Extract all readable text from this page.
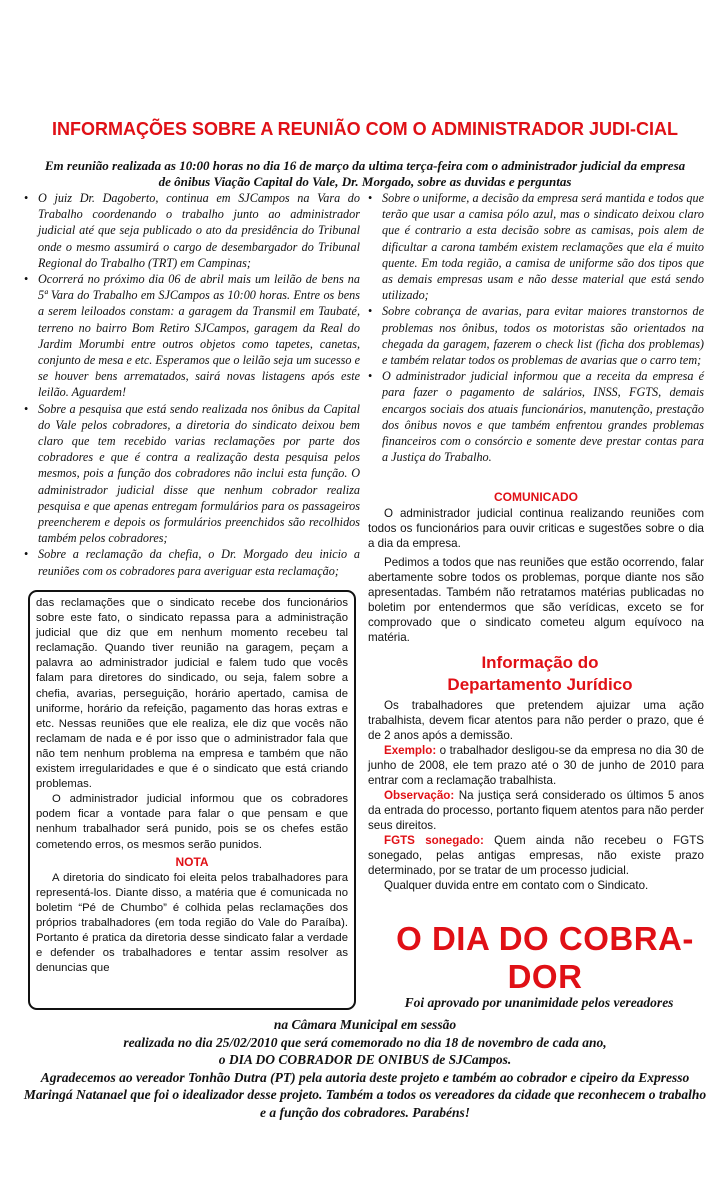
INFORMAÇÕES SOBRE A REUNIÃO COM O ADMINISTRADOR JUDI-CIAL
Em reunião realizada as 10:00 horas no dia 16 de março da ultima terça-feira com o administrador judicial da empresa de ônibus Viação Capital do Vale, Dr. Morgado, sobre as duvidas e perguntas
• O juiz Dr. Dagoberto, continua em SJCampos na Vara do Trabalho coordenando o trabalho junto ao administrador judicial até que seja publicado o ato da presidência do Tribunal onde o mesmo assumirá o cargo de desembargador do Tribunal Regional do Trabalho (TRT) em Campinas;
• Ocorrerá no próximo dia 06 de abril mais um leilão de bens na 5ª Vara do Trabalho em SJCampos as 10:00 horas. Entre os bens a serem leiloados constam: a garagem da Transmil em Taubaté, terreno no bairro Bom Retiro SJCampos, garagem da Real do Jardim Morumbi entre outros objetos como tapetes, canetas, conjunto de mesa e etc. Esperamos que o leilão seja um sucesso e se houver bens arrematados, sairá novas listagens após este leilão. Aguardem!
• Sobre a pesquisa que está sendo realizada nos ônibus da Capital do Vale pelos cobradores, a diretoria do sindicato deixou bem claro que tem recebido varias reclamações por parte dos cobradores e que é contra a realização desta pesquisa pelos mesmos, pois a função dos cobradores não inclui esta função. O administrador judicial disse que nenhum cobrador realiza pesquisa e que apenas entregam formulários para os passageiros preencherem e depois os formulários preenchidos são recolhidos também pelos cobradores;
• Sobre a reclamação da chefia, o Dr. Morgado deu inicio a reuniões com os cobradores para averiguar esta reclamação;
• Sobre o uniforme, a decisão da empresa será mantida e todos que terão que usar a camisa pólo azul, mas o sindicato deixou claro que é contrario a esta decisão sobre as camisas, pois alem de dificultar a carona também existem reclamações que ela é muito quente. Em toda região, a camisa de uniforme são dos tipos que as demais empresas usam e não desse material que está sendo utilizado;
• Sobre cobrança de avarias, para evitar maiores transtornos de problemas nos ônibus, todos os motoristas são orientados na chegada da garagem, fazerem o check list (ficha dos problemas) e também relatar todos os problemas de avarias que o carro tem;
• O administrador judicial informou que a receita da empresa é para fazer o pagamento de salários, INSS, FGTS, demais encargos sociais dos atuais funcionários, manutenção, prestação dos ônibus novos e que também enfrentou grandes problemas financeiros com o consórcio e somente deve prestar contas para a Justiça do Trabalho.

das reclamações que o sindicato recebe dos funcionários sobre este fato, o sindicato repassa para a administração judicial que diz que em nenhum momento recebeu tal reclamação. Quando tiver reunião na garagem, peçam a palavra ao administrador judicial e falem tudo que vocês falam para diretores do sindicado, ou seja, falem sobre a chefia, avarias, perseguição, horário apertado, camisa de uniforme, horário da refeição, pagamento das horas extras e etc. Nessas reuniões que ele realiza, ele diz que vocês não reclamam de nada e é por isso que o administrador fala que não tem nenhum problema na empresa e também que não existem irregularidades e que é o sindicato que está criando problemas.

O administrador judicial informou que os cobradores podem ficar a vontade para falar o que pensam e que nenhum trabalhador será punido, pois se os chefes estão cometendo erros, os mesmos serão punidos.

NOTA

A diretoria do sindicato foi eleita pelos trabalhadores para representá-los. Diante disso, a matéria que é comunicada no boletim “Pé de Chumbo” é colhida pelas reclamações dos próprios trabalhadores (em toda região do Vale do Paraíba). Portanto é pratica da diretoria desse sindicato falar a verdade e defender os trabalhadores e tentar assim resolver as denuncias que

COMUNICADO

O administrador judicial continua realizando reuniões com todos os funcionários para ouvir criticas e sugestões sobre o dia a dia da empresa.

Pedimos a todos que nas reuniões que estão ocorrendo, falar abertamente sobre todos os problemas, porque diante nos são apresentadas. Também não retratamos matérias publicadas no boletim por entendermos que são verídicas, exceto se for comprovado que o sindicato cometeu algum equívoco na matéria.

Informação do
Departamento Jurídico

Os trabalhadores que pretendem ajuizar uma ação trabalhista, devem ficar atentos para não perder o prazo, que é de 2 anos após a demissão.

Exemplo: o trabalhador desligou-se da empresa no dia 30 de junho de 2008, ele tem prazo até o 30 de junho de 2010 para entrar com a reclamação trabalhista.

Observação: Na justiça será considerado os últimos 5 anos da entrada do processo, portanto fiquem atentos para não perder seus direitos.

FGTS sonegado: Quem ainda não recebeu o FGTS sonegado, pelas antigas empresas, não existe prazo determinado, por se tratar de um processo judicial.

Qualquer duvida entre em contato com o Sindicato.

O DIA DO COBRA-
DOR
Foi aprovado por unanimidade pelos vereadores

na Câmara Municipal em sessão

realizada no dia 25/02/2010 que será comemorado no dia 18 de novembro de cada ano,

o DIA DO COBRADOR DE ONIBUS de SJCampos.

Agradecemos ao vereador Tonhão Dutra (PT) pela autoria deste projeto e também ao cobrador e cipeiro da Expresso Maringá Natanael que foi o idealizador desse projeto. Também a todos os vereadores da cidade que reconhecem o trabalho e a função dos cobradores. Parabéns!
